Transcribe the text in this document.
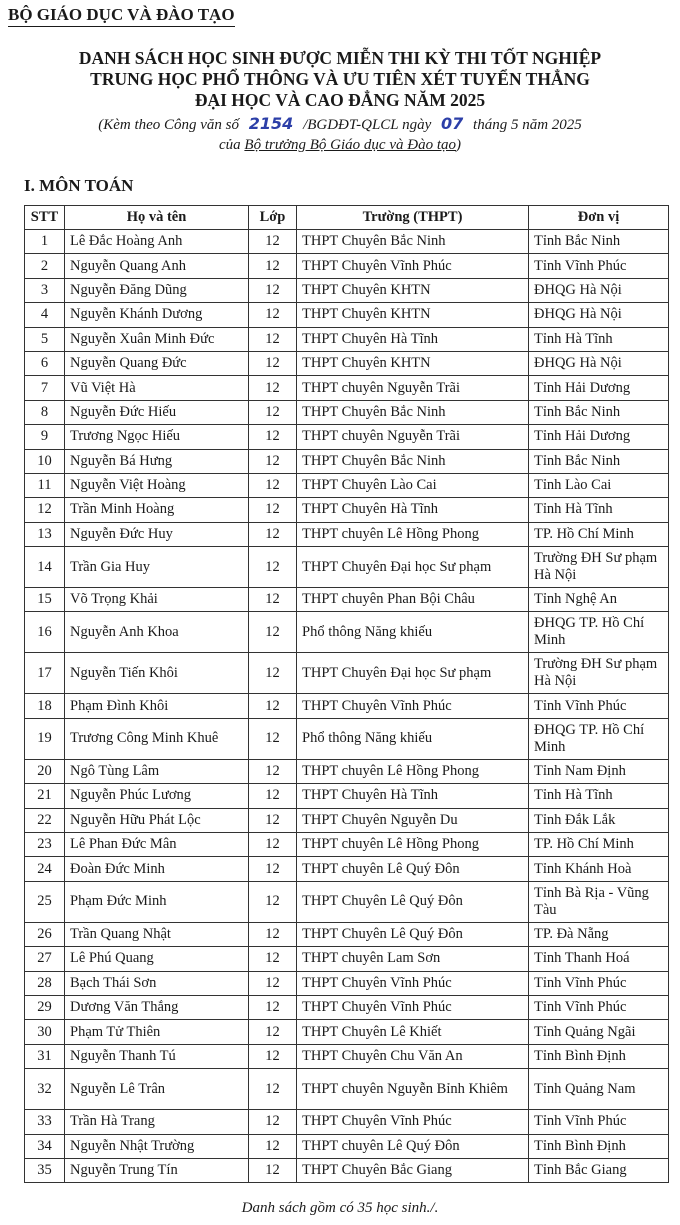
BỘ GIÁO DỤC VÀ ĐÀO TẠO
DANH SÁCH HỌC SINH ĐƯỢC MIỄN THI KỲ THI TỐT NGHIỆP
TRUNG HỌC PHỔ THÔNG VÀ ƯU TIÊN XÉT TUYỂN THẲNG
ĐẠI HỌC VÀ CAO ĐẲNG NĂM 2025
(Kèm theo Công văn số 2154 /BGDĐT-QLCL ngày 07 tháng 5 năm 2025
của Bộ trưởng Bộ Giáo dục và Đào tạo)
I. MÔN TOÁN
STT	Họ và tên	Lớp	Trường (THPT)	Đơn vị
1	Lê Đắc Hoàng Anh	12	THPT Chuyên Bắc Ninh	Tỉnh Bắc Ninh
2	Nguyễn Quang Anh	12	THPT Chuyên Vĩnh Phúc	Tỉnh Vĩnh Phúc
3	Nguyễn Đăng Dũng	12	THPT Chuyên KHTN	ĐHQG Hà Nội
4	Nguyễn Khánh Dương	12	THPT Chuyên KHTN	ĐHQG Hà Nội
5	Nguyễn Xuân Minh Đức	12	THPT Chuyên Hà Tĩnh	Tỉnh Hà Tĩnh
6	Nguyễn Quang Đức	12	THPT Chuyên KHTN	ĐHQG Hà Nội
7	Vũ Việt Hà	12	THPT chuyên Nguyễn Trãi	Tỉnh Hải Dương
8	Nguyễn Đức Hiếu	12	THPT Chuyên Bắc Ninh	Tỉnh Bắc Ninh
9	Trương Ngọc Hiếu	12	THPT chuyên Nguyễn Trãi	Tỉnh Hải Dương
10	Nguyễn Bá Hưng	12	THPT Chuyên Bắc Ninh	Tỉnh Bắc Ninh
11	Nguyễn Việt Hoàng	12	THPT Chuyên Lào Cai	Tỉnh Lào Cai
12	Trần Minh Hoàng	12	THPT Chuyên Hà Tĩnh	Tỉnh Hà Tĩnh
13	Nguyễn Đức Huy	12	THPT chuyên Lê Hồng Phong	TP. Hồ Chí Minh
14	Trần Gia Huy	12	THPT Chuyên Đại học Sư phạm	Trường ĐH Sư phạm Hà Nội
15	Võ Trọng Khải	12	THPT chuyên Phan Bội Châu	Tỉnh Nghệ An
16	Nguyễn Anh Khoa	12	Phổ thông Năng khiếu	ĐHQG TP. Hồ Chí Minh
17	Nguyễn Tiến Khôi	12	THPT Chuyên Đại học Sư phạm	Trường ĐH Sư phạm Hà Nội
18	Phạm Đình Khôi	12	THPT Chuyên Vĩnh Phúc	Tỉnh Vĩnh Phúc
19	Trương Công Minh Khuê	12	Phổ thông Năng khiếu	ĐHQG TP. Hồ Chí Minh
20	Ngô Tùng Lâm	12	THPT chuyên Lê Hồng Phong	Tỉnh Nam Định
21	Nguyễn Phúc Lương	12	THPT Chuyên Hà Tĩnh	Tỉnh Hà Tĩnh
22	Nguyễn Hữu Phát Lộc	12	THPT Chuyên Nguyễn Du	Tỉnh Đắk Lắk
23	Lê Phan Đức Mân	12	THPT chuyên Lê Hồng Phong	TP. Hồ Chí Minh
24	Đoàn Đức Minh	12	THPT chuyên Lê Quý Đôn	Tỉnh Khánh Hoà
25	Phạm Đức Minh	12	THPT Chuyên Lê Quý Đôn	Tỉnh Bà Rịa - Vũng Tàu
26	Trần Quang Nhật	12	THPT Chuyên Lê Quý Đôn	TP. Đà Nẵng
27	Lê Phú Quang	12	THPT chuyên Lam Sơn	Tỉnh Thanh Hoá
28	Bạch Thái Sơn	12	THPT Chuyên Vĩnh Phúc	Tỉnh Vĩnh Phúc
29	Dương Văn Thắng	12	THPT Chuyên Vĩnh Phúc	Tỉnh Vĩnh Phúc
30	Phạm Tử Thiên	12	THPT Chuyên Lê Khiết	Tỉnh Quảng Ngãi
31	Nguyễn Thanh Tú	12	THPT Chuyên Chu Văn An	Tỉnh Bình Định
32	Nguyễn Lê Trân	12	THPT chuyên Nguyễn Bỉnh Khiêm	Tỉnh Quảng Nam
33	Trần Hà Trang	12	THPT Chuyên Vĩnh Phúc	Tỉnh Vĩnh Phúc
34	Nguyễn Nhật Trường	12	THPT chuyên Lê Quý Đôn	Tỉnh Bình Định
35	Nguyễn Trung Tín	12	THPT Chuyên Bắc Giang	Tỉnh Bắc Giang
Danh sách gồm có 35 học sinh./.
